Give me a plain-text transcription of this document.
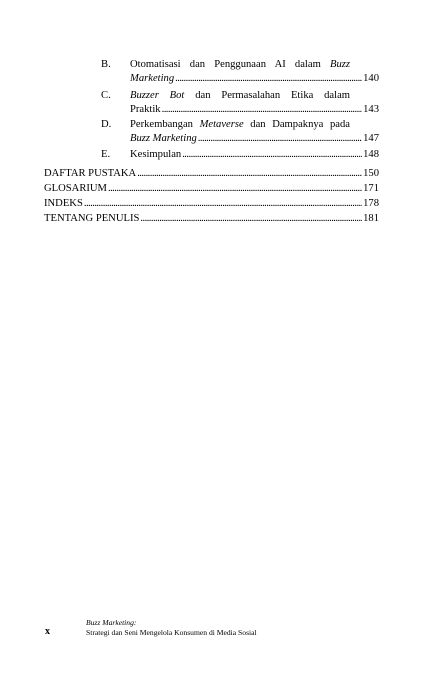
B. Otomatisasi dan Penggunaan AI dalam Buzz
Marketing . . .	140
C. Buzzer Bot dan Permasalahan Etika dalam
Praktik . . .	143
D. Perkembangan Metaverse dan Dampaknya pada
Buzz Marketing . . .	147
E. Kesimpulan . . .	148
DAFTAR PUSTAKA . . .	150
GLOSARIUM . . .	171
INDEKS . . .	178
TENTANG PENULIS . . .	181
x
Buzz Marketing:
Strategi dan Seni Mengelola Konsumen di Media Sosial
